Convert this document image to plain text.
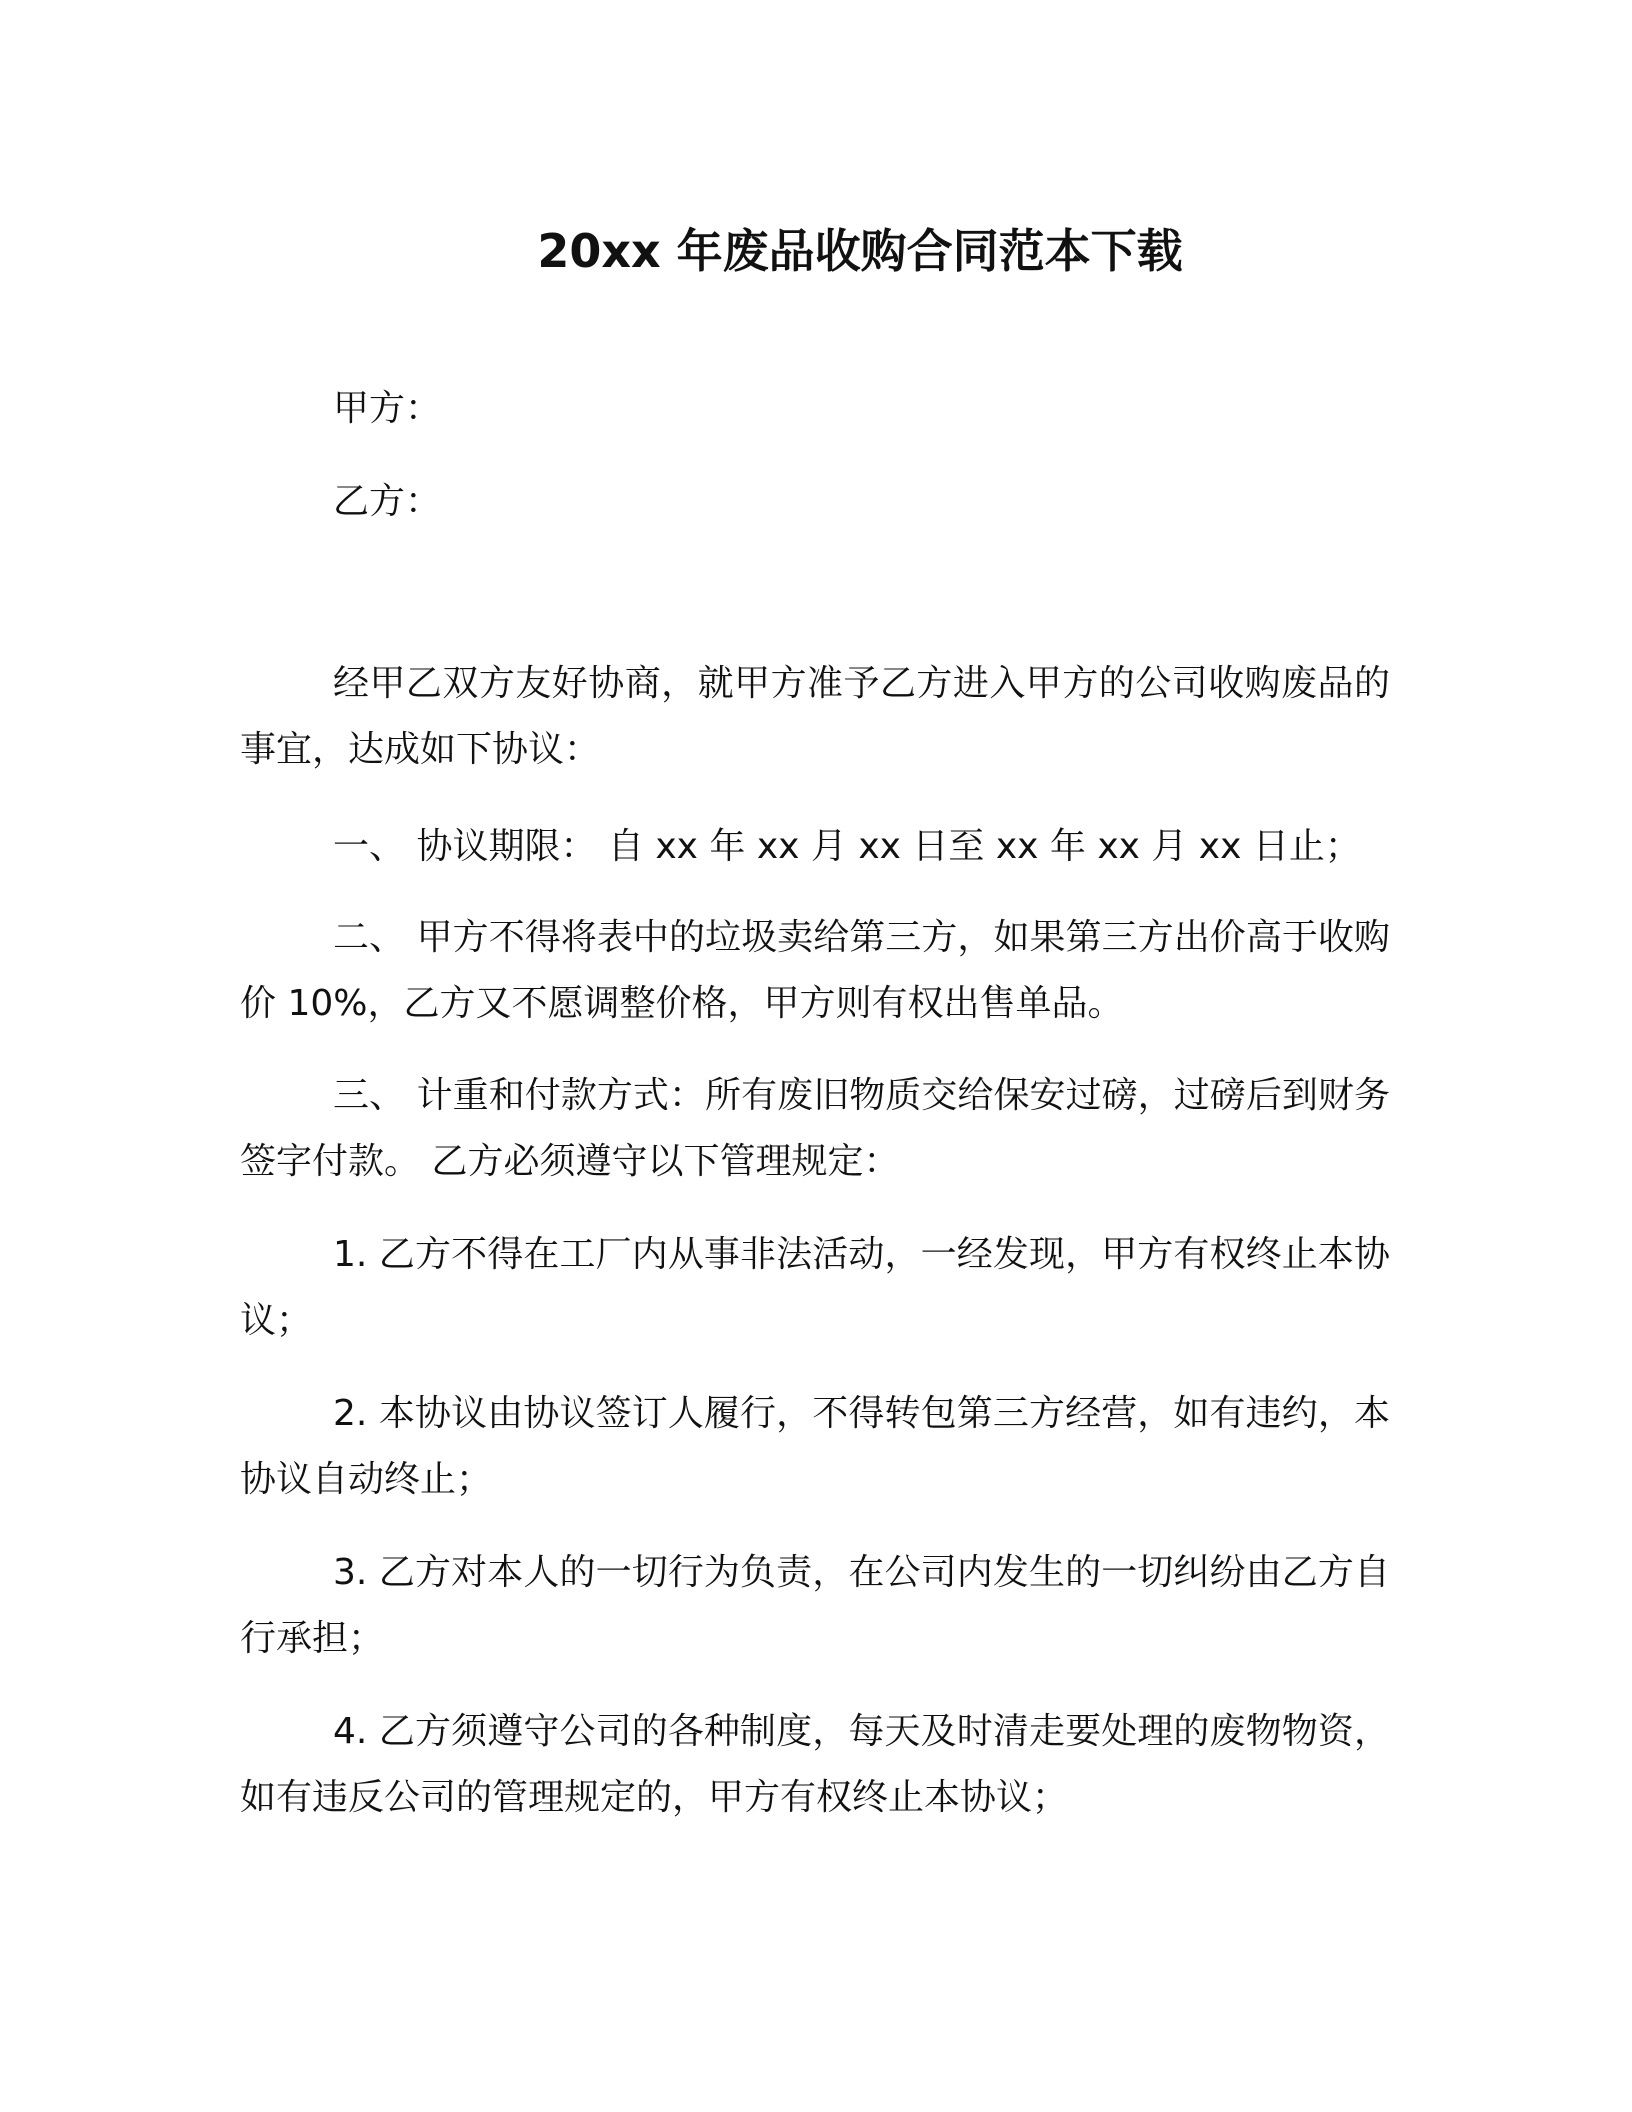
20xx 年废品收购合同范本下载

甲方：

乙方：

经甲乙双方友好协商，就甲方准予乙方进入甲方的公司收购废品的事宜，达成如下协议：

一、 协议期限： 自 xx 年 xx 月 xx 日至 xx 年 xx 月 xx 日止；

二、 甲方不得将表中的垃圾卖给第三方，如果第三方出价高于收购价 10%，乙方又不愿调整价格，甲方则有权出售单品。

三、 计重和付款方式：所有废旧物质交给保安过磅，过磅后到财务签字付款。 乙方必须遵守以下管理规定：

1. 乙方不得在工厂内从事非法活动，一经发现，甲方有权终止本协议；

2. 本协议由协议签订人履行，不得转包第三方经营，如有违约，本协议自动终止；

3. 乙方对本人的一切行为负责，在公司内发生的一切纠纷由乙方自行承担；

4. 乙方须遵守公司的各种制度，每天及时清走要处理的废物物资，如有违反公司的管理规定的，甲方有权终止本协议；
